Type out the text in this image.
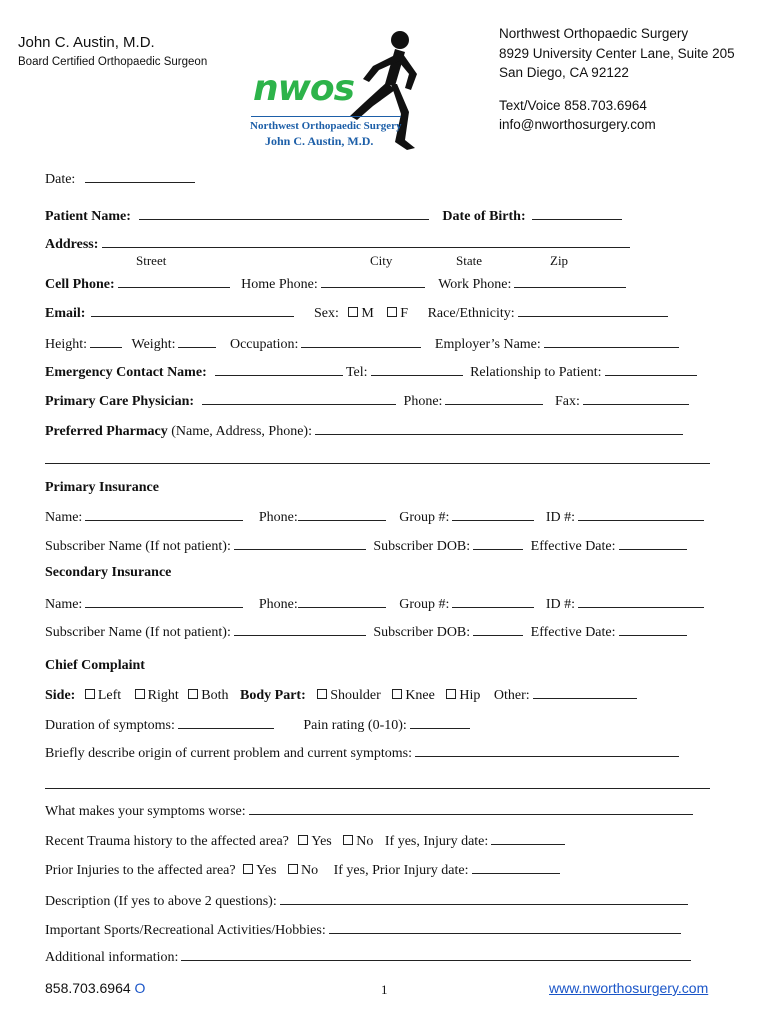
John C. Austin, M.D.
Board Certified Orthopaedic Surgeon
nwos
Northwest Orthopaedic Surgery
John C. Austin, M.D.
Northwest Orthopaedic Surgery
8929 University Center Lane, Suite 205
San Diego, CA 92122
Text/Voice 858.703.6964
info@nworthosurgery.com
Date:
Patient Name:	Date of Birth:
Address:
Street	City	State	Zip
Cell Phone:	Home Phone:	Work Phone:
Email:	Sex: M F Race/Ethnicity:
Height:	Weight:	Occupation:	Employer’s Name:
Emergency Contact Name:	Tel:	Relationship to Patient:
Primary Care Physician:	Phone:	Fax:
Preferred Pharmacy (Name, Address, Phone):
Primary Insurance
Name:	Phone:	Group #:	ID #:
Subscriber Name (If not patient):	Subscriber DOB:	Effective Date:
Secondary Insurance
Name:	Phone:	Group #:	ID #:
Subscriber Name (If not patient):	Subscriber DOB:	Effective Date:
Chief Complaint
Side: Left Right Both Body Part: Shoulder Knee Hip Other:
Duration of symptoms:	Pain rating (0-10):
Briefly describe origin of current problem and current symptoms:
What makes your symptoms worse:
Recent Trauma history to the affected area? Yes No If yes, Injury date:
Prior Injuries to the affected area? Yes No If yes, Prior Injury date:
Description (If yes to above 2 questions):
Important Sports/Recreational Activities/Hobbies:
Additional information:
858.703.6964 O	1	www.nworthosurgery.com
